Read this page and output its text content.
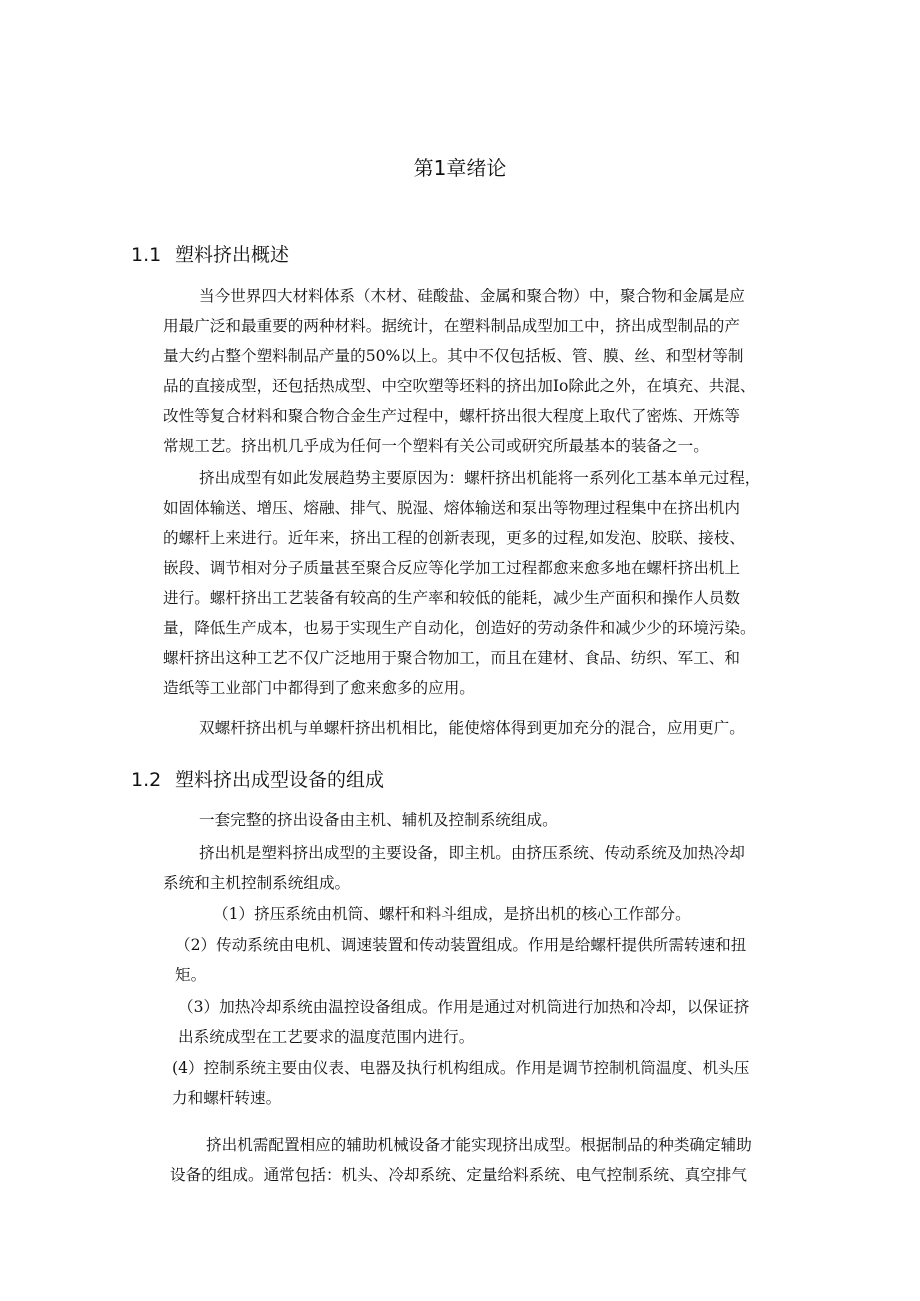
第1章绪论
1.1 塑料挤出概述
当今世界四大材料体系（木材、硅酸盐、金属和聚合物）中，聚合物和金属是应
用最广泛和最重要的两种材料。据统计，在塑料制品成型加工中，挤出成型制品的产
量大约占整个塑料制品产量的50%以上。其中不仅包括板、管、膜、丝、和型材等制
品的直接成型，还包括热成型、中空吹塑等坯料的挤出加Io除此之外，在填充、共混、
改性等复合材料和聚合物合金生产过程中，螺杆挤出很大程度上取代了密炼、开炼等
常规工艺。挤出机几乎成为任何一个塑料有关公司或研究所最基本的装备之一。
挤出成型有如此发展趋势主要原因为：螺杆挤出机能将一系列化工基本单元过程，
如固体输送、增压、熔融、排气、脱湿、熔体输送和泵出等物理过程集中在挤出机内
的螺杆上来进行。近年来，挤出工程的创新表现，更多的过程,如发泡、胶联、接枝、
嵌段、调节相对分子质量甚至聚合反应等化学加工过程都愈来愈多地在螺杆挤出机上
进行。螺杆挤出工艺装备有较高的生产率和较低的能耗，减少生产面积和操作人员数
量，降低生产成本，也易于实现生产自动化，创造好的劳动条件和减少少的环境污染。
螺杆挤出这种工艺不仅广泛地用于聚合物加工，而且在建材、食品、纺织、军工、和
造纸等工业部门中都得到了愈来愈多的应用。
双螺杆挤出机与单螺杆挤出机相比，能使熔体得到更加充分的混合，应用更广。
1.2 塑料挤出成型设备的组成
一套完整的挤出设备由主机、辅机及控制系统组成。
挤出机是塑料挤出成型的主要设备，即主机。由挤压系统、传动系统及加热冷却
系统和主机控制系统组成。
（1）挤压系统由机筒、螺杆和料斗组成，是挤出机的核心工作部分。
（2）传动系统由电机、调速装置和传动装置组成。作用是给螺杆提供所需转速和扭
矩。
（3）加热冷却系统由温控设备组成。作用是通过对机筒进行加热和冷却，以保证挤
出系统成型在工艺要求的温度范围内进行。
(4）控制系统主要由仪表、电器及执行机构组成。作用是调节控制机筒温度、机头压
力和螺杆转速。
挤出机需配置相应的辅助机械设备才能实现挤出成型。根据制品的种类确定辅助
设备的组成。通常包括：机头、冷却系统、定量给料系统、电气控制系统、真空排气
